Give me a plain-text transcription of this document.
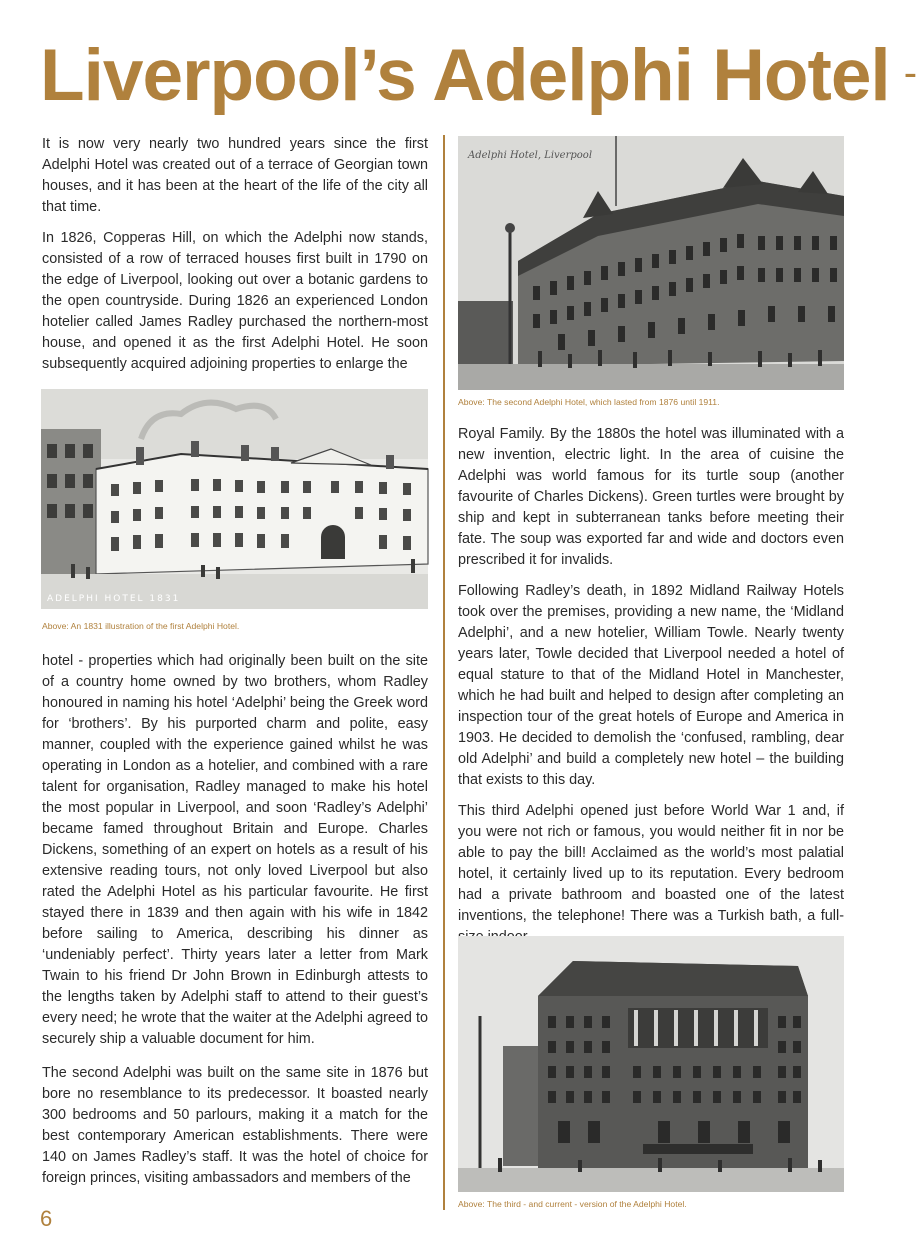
Liverpool’s Adelphi Hotel -

It is now very nearly two hundred years since the first Adelphi Hotel was created out of a terrace of Georgian town houses, and it has been at the heart of the life of the city all that time.

In 1826, Copperas Hill, on which the Adelphi now stands, consisted of a row of terraced houses first built in 1790 on the edge of Liverpool, looking out over a botanic gardens to the open countryside. During 1826 an experienced London hotelier called James Radley purchased the northern-most house, and opened it as the first Adelphi Hotel. He soon subsequently acquired adjoining properties to enlarge the

ADELPHI HOTEL 1831
Above: An 1831 illustration of the first Adelphi Hotel.

hotel - properties which had originally been built on the site of a country home owned by two brothers, whom Radley honoured in naming his hotel ‘Adelphi’ being the Greek word for ‘brothers’. By his purported charm and polite, easy manner, coupled with the experience gained whilst he was operating in London as a hotelier, and combined with a rare talent for organisation, Radley managed to make his hotel the most popular in Liverpool, and soon ‘Radley’s Adelphi’ became famed throughout Britain and Europe. Charles Dickens, something of an expert on hotels as a result of his extensive reading tours, not only loved Liverpool but also rated the Adelphi Hotel as his particular favourite. He first stayed there in 1839 and then again with his wife in 1842 before sailing to America, describing his dinner as ‘undeniably perfect’. Thirty years later a letter from Mark Twain to his friend Dr John Brown in Edinburgh attests to the lengths taken by Adelphi staff to attend to their guest’s every need; he wrote that the waiter at the Adelphi agreed to securely ship a valuable document for him.

The second Adelphi was built on the same site in 1876 but bore no resemblance to its predecessor. It boasted nearly 300 bedrooms and 50 parlours, making it a match for the best contemporary American establishments. There were 140 on James Radley’s staff. It was the hotel of choice for foreign princes, visiting ambassadors and members of the

Adelphi Hotel, Liverpool
Above: The second Adelphi Hotel, which lasted from 1876 until 1911.

Royal Family. By the 1880s the hotel was illuminated with a new invention, electric light. In the area of cuisine the Adelphi was world famous for its turtle soup (another favourite of Charles Dickens). Green turtles were brought by ship and kept in subterranean tanks before meeting their fate. The soup was exported far and wide and doctors even prescribed it for invalids.

Following Radley’s death, in 1892 Midland Railway Hotels took over the premises, providing a new name, the ‘Midland Adelphi’, and a new hotelier, William Towle. Nearly twenty years later, Towle decided that Liverpool needed a hotel of equal stature to that of the Midland Hotel in Manchester, which he had built and helped to design after completing an inspection tour of the great hotels of Europe and America in 1903. He decided to demolish the ‘confused, rambling, dear old Adelphi’ and build a completely new hotel – the building that exists to this day.

This third Adelphi opened just before World War 1 and, if you were not rich or famous, you would neither fit in nor be able to pay the bill! Acclaimed as the world’s most palatial hotel, it certainly lived up to its reputation. Every bedroom had a private bathroom and boasted one of the latest inventions, the telephone! There was a Turkish bath, a full-

Above: The third - and current - version of the Adelphi Hotel.
6
